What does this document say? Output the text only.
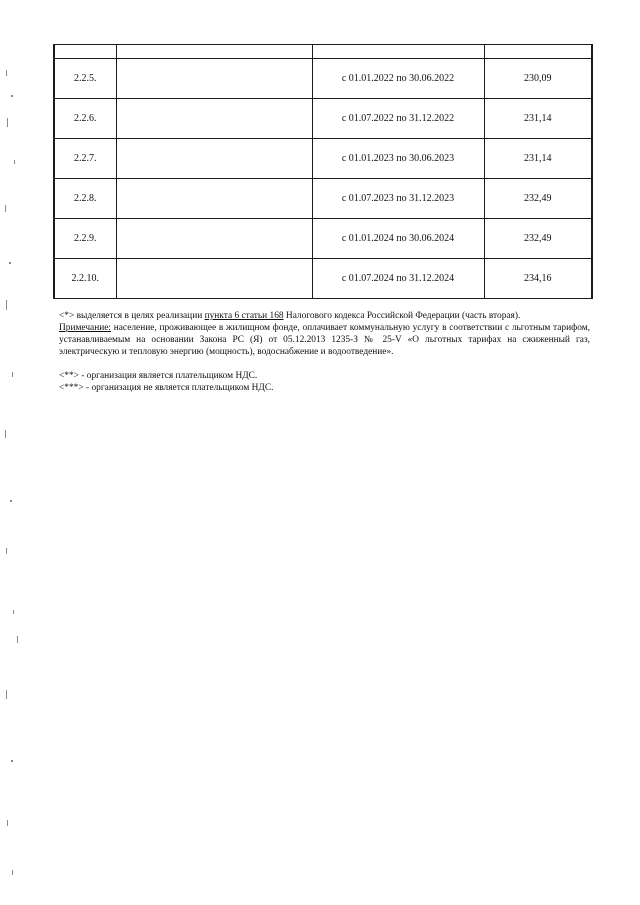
2.2.5.		с 01.01.2022 по 30.06.2022	230,09
2.2.6.		с 01.07.2022 по 31.12.2022	231,14
2.2.7.		с 01.01.2023 по 30.06.2023	231,14
2.2.8.		с 01.07.2023 по 31.12.2023	232,49
2.2.9.		с 01.01.2024 по 30.06.2024	232,49
2.2.10.		с 01.07.2024 по 31.12.2024	234,16

<*> выделяется в целях реализации пункта 6 статьи 168 Налогового кодекса Российской Федерации (часть вторая).

Примечание: население, проживающее в жилищном фонде, оплачивает коммунальную услугу в соответствии с льготным тарифом, устанавливаемым на основании Закона РС (Я) от 05.12.2013 1235-З № 25-V «О льготных тарифах на сжиженный газ, электрическую и тепловую энергию (мощность), водоснабжение и водоотведение».

<**> - организация является плательщиком НДС.

<***> - организация не является плательщиком НДС.
